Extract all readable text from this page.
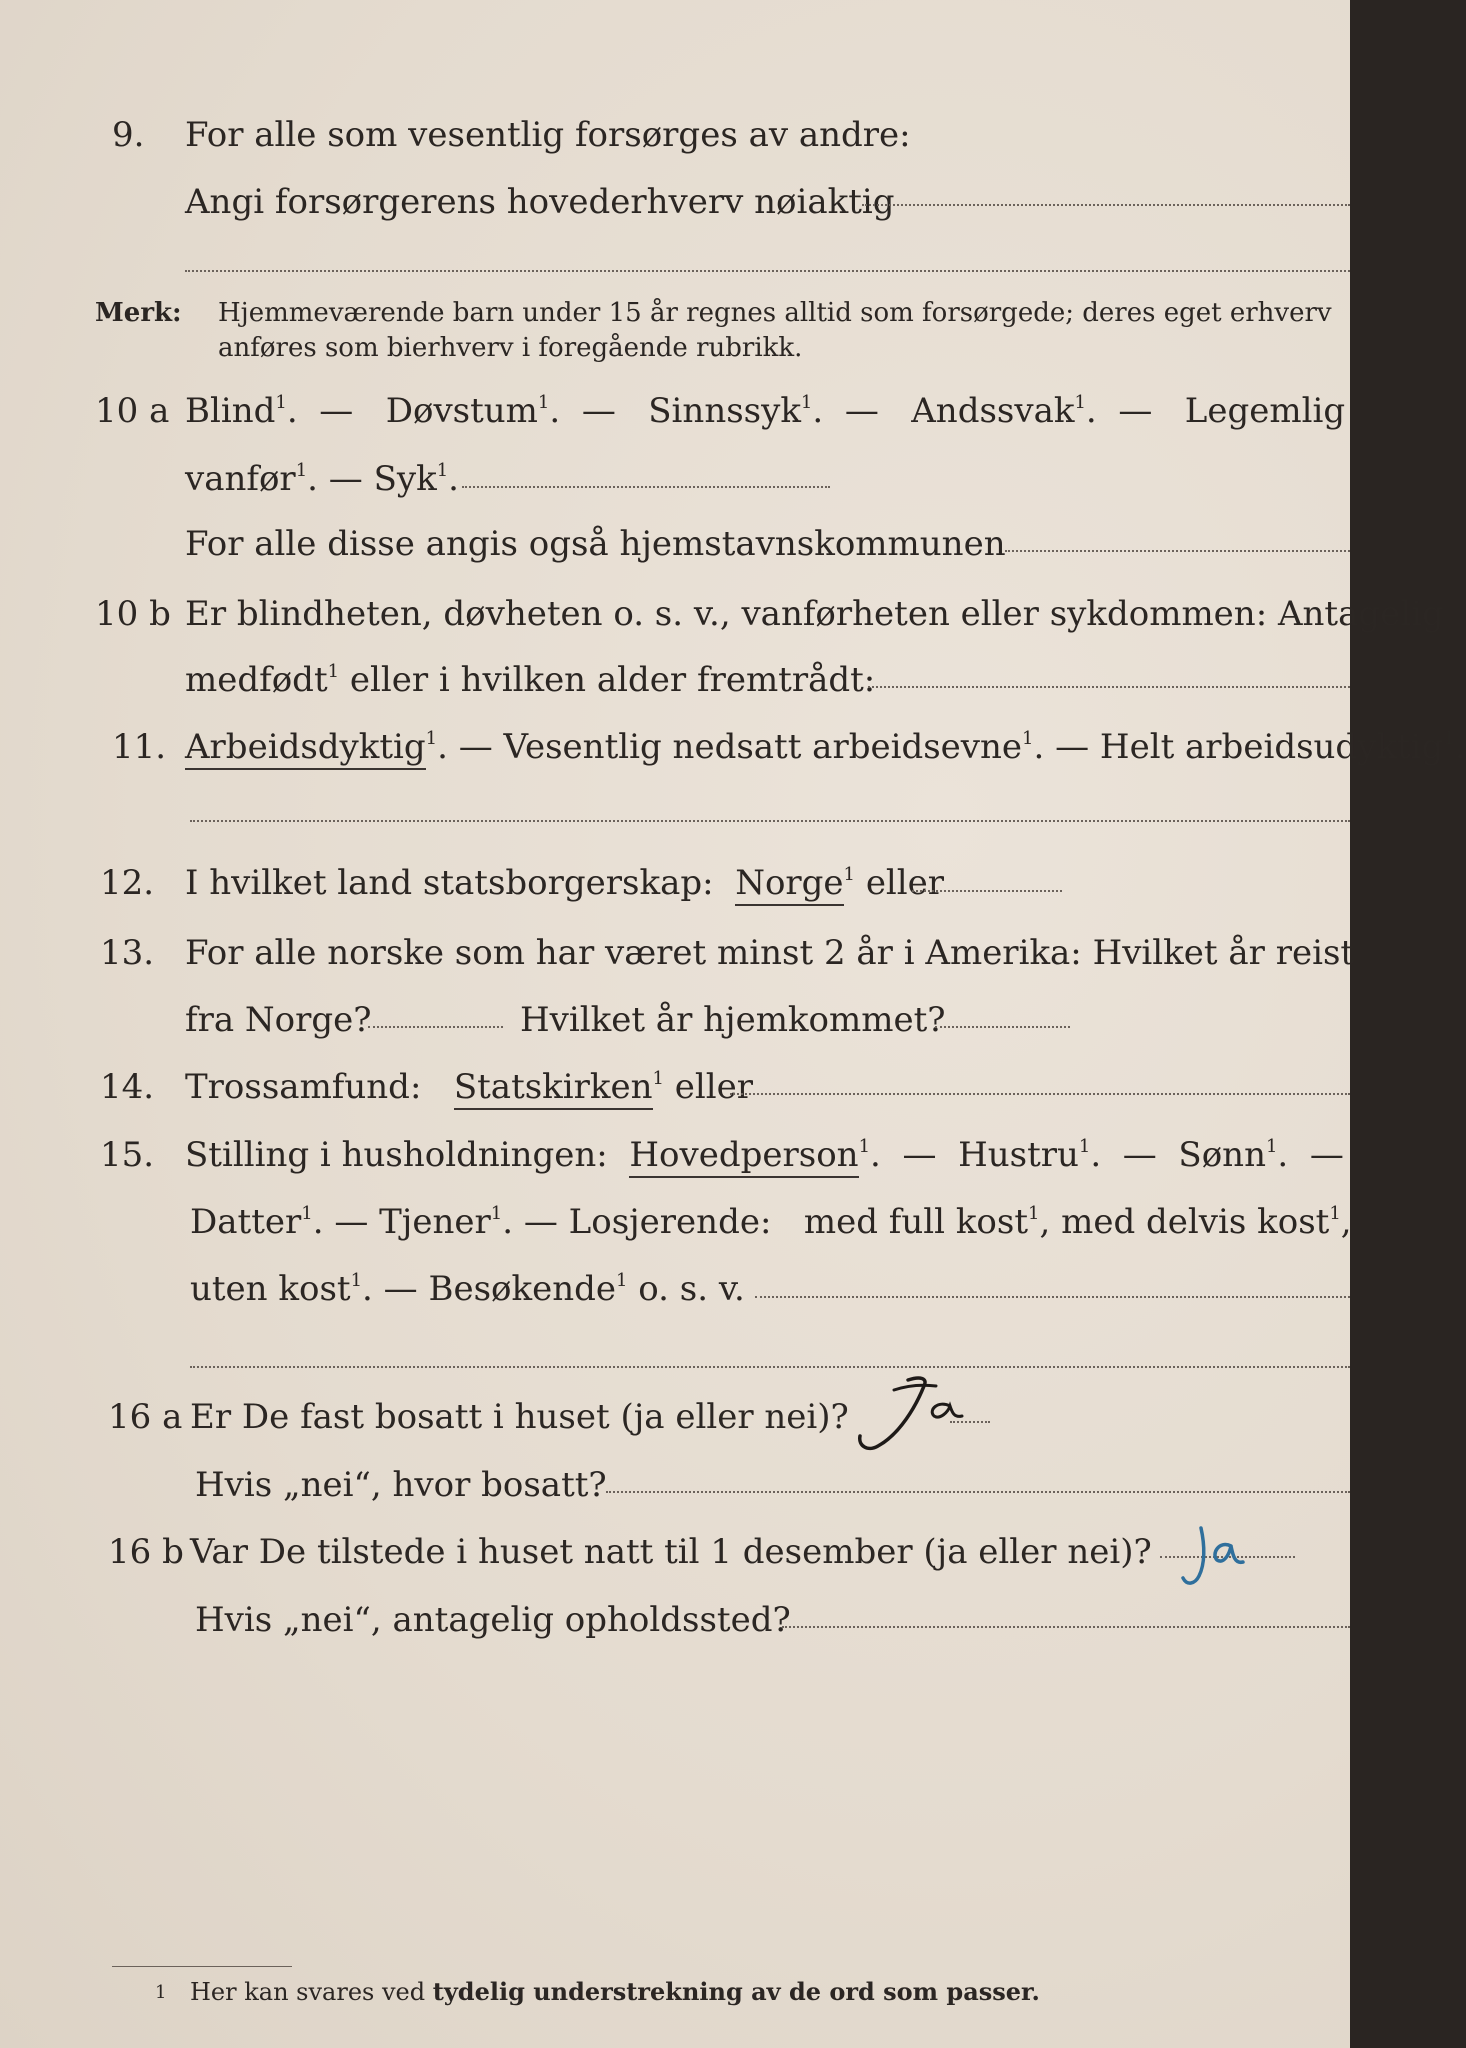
9. For alle som vesentlig forsørges av andre:
Angi forsørgerens hovederhverv nøiaktig
Merk: Hjemmeværende barn under 15 år regnes alltid som forsørgede; deres eget erhverv
anføres som bierhverv i foregående rubrikk.
10 a Blind$^1$.  — Døvstum$^1$.  — Sinnssyk$^1$.  — Andssvak$^1$.  — Legemlig
vanfør$^1$. — Syk$^1$.
For alle disse angis også hjemstavnskommunen
10 b Er blindheten, døvheten o. s. v., vanførheten eller sykdommen: Antagelig
medfødt$^1$ eller i hvilken alder fremtrådt:
11. Arbeidsdyktig$^1$. — Vesentlig nedsatt arbeidsevne$^1$. — Helt arbeidsudyktig$^1$.
12. I hvilket land statsborgerskap: Norge$^1$ eller
13. For alle norske som har været minst 2 år i Amerika: Hvilket år reist
fra Norge?	Hvilket år hjemkommet?
14. Trossamfund: Statskirken$^1$ eller
15. Stilling i husholdningen: Hovedperson$^1$.  — Hustru$^1$.  — Sønn$^1$.  —
Datter$^1$. — Tjener$^1$. — Losjerende: med full kost$^1$, med delvis kost$^1$,
uten kost$^1$. — Besøkende$^1$ o. s. v.
16 a Er De fast bosatt i huset (ja eller nei)?
Hvis „nei“, hvor bosatt?
16 b Var De tilstede i huset natt til 1 desember (ja eller nei)?
Hvis „nei“, antagelig opholdssted?
1 Her kan svares ved tydelig understrekning av de ord som passer.
